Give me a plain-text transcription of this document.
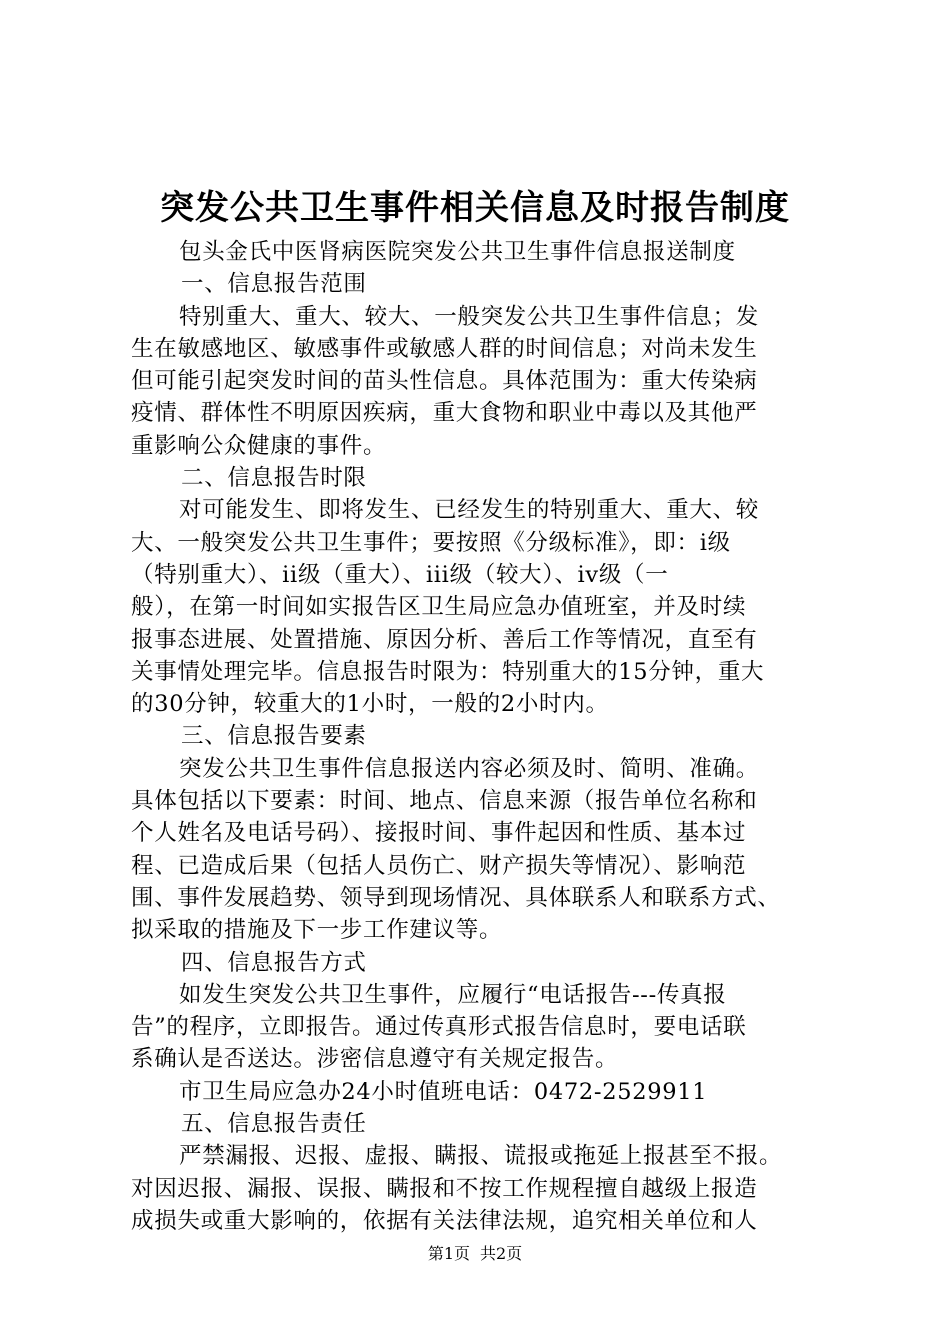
突发公共卫生事件相关信息及时报告制度
包头金氏中医肾病医院突发公共卫生事件信息报送制度
一、信息报告范围
特别重大、重大、较大、一般突发公共卫生事件信息；发
生在敏感地区、敏感事件或敏感人群的时间信息；对尚未发生
但可能引起突发时间的苗头性信息。具体范围为：重大传染病
疫情、群体性不明原因疾病，重大食物和职业中毒以及其他严
重影响公众健康的事件。
二、信息报告时限
对可能发生、即将发生、已经发生的特别重大、重大、较
大、一般突发公共卫生事件；要按照《分级标准》，即：i级
（特别重大）、ii级（重大）、iii级（较大）、iv级（一
般），在第一时间如实报告区卫生局应急办值班室，并及时续
报事态进展、处置措施、原因分析、善后工作等情况，直至有
关事情处理完毕。信息报告时限为：特别重大的15分钟，重大
的30分钟，较重大的1小时，一般的2小时内。
三、信息报告要素
突发公共卫生事件信息报送内容必须及时、简明、准确。
具体包括以下要素：时间、地点、信息来源（报告单位名称和
个人姓名及电话号码）、接报时间、事件起因和性质、基本过
程、已造成后果（包括人员伤亡、财产损失等情况）、影响范
围、事件发展趋势、领导到现场情况、具体联系人和联系方式、
拟采取的措施及下一步工作建议等。
四、信息报告方式
如发生突发公共卫生事件，应履行“电话报告---传真报
告”的程序，立即报告。通过传真形式报告信息时，要电话联
系确认是否送达。涉密信息遵守有关规定报告。
市卫生局应急办24小时值班电话：0472-2529911
五、信息报告责任
严禁漏报、迟报、虚报、瞒报、谎报或拖延上报甚至不报。
对因迟报、漏报、误报、瞒报和不按工作规程擅自越级上报造
成损失或重大影响的，依据有关法律法规，追究相关单位和人
第1页 共2页
